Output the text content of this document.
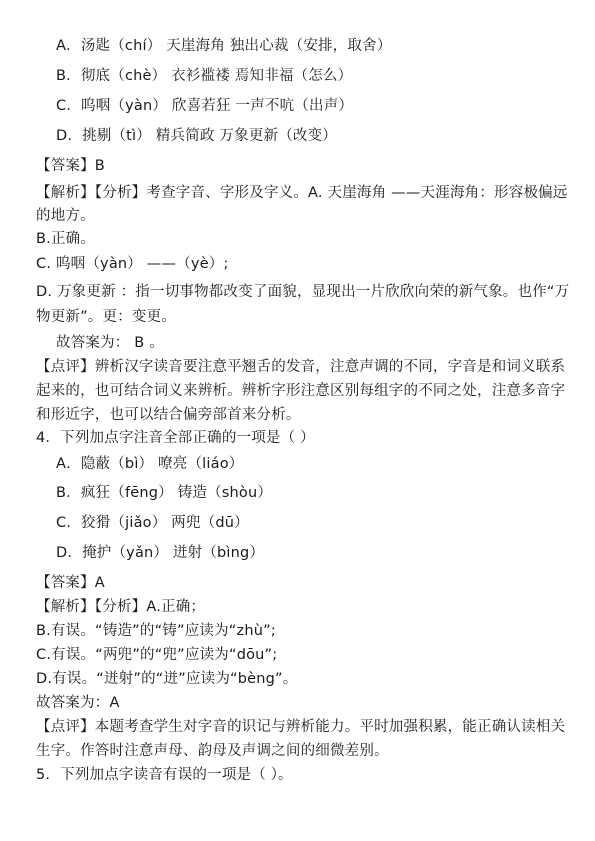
A．汤匙（chí） 天崖海角 独出心裁（安排，取舍）
B．彻底（chè） 衣衫褴褛 焉知非福（怎么）
C．呜咽（yàn） 欣喜若狂 一声不吭（出声）
D．挑剔（tì） 精兵简政 万象更新（改变）
【答案】B
【解析】【分析】考查字音、字形及字义。A. 天崖海角 ——天涯海角：形容极偏远
的地方。
B.正确。
C. 呜咽（yàn） ——（yè）;
D. 万象更新 ：指一切事物都改变了面貌，显现出一片欣欣向荣的新气象。也作“万
物更新”。更：变更。
故答案为： B 。
【点评】辨析汉字读音要注意平翘舌的发音，注意声调的不同，字音是和词义联系
起来的，也可结合词义来辨析。辨析字形注意区别每组字的不同之处，注意多音字
和形近字，也可以结合偏旁部首来分析。
4．下列加点字注音全部正确的一项是（ ）
A．隐蔽（bì） 嘹亮（liáo）
B．疯狂（fēng） 铸造（shòu）
C．狡猾（jiǎo） 两兜（dū）
D．掩护（yǎn） 迸射（bìng）
【答案】A
【解析】【分析】A.正确；
B.有误。“铸造”的“铸”应读为“zhù”;
C.有误。“两兜”的“兜”应读为“dōu”;
D.有误。“迸射”的“迸”应读为“bèng”。
故答案为：A
【点评】本题考查学生对字音的识记与辨析能力。平时加强积累，能正确认读相关
生字。作答时注意声母、韵母及声调之间的细微差别。
5．下列加点字读音有误的一项是（ ）。
